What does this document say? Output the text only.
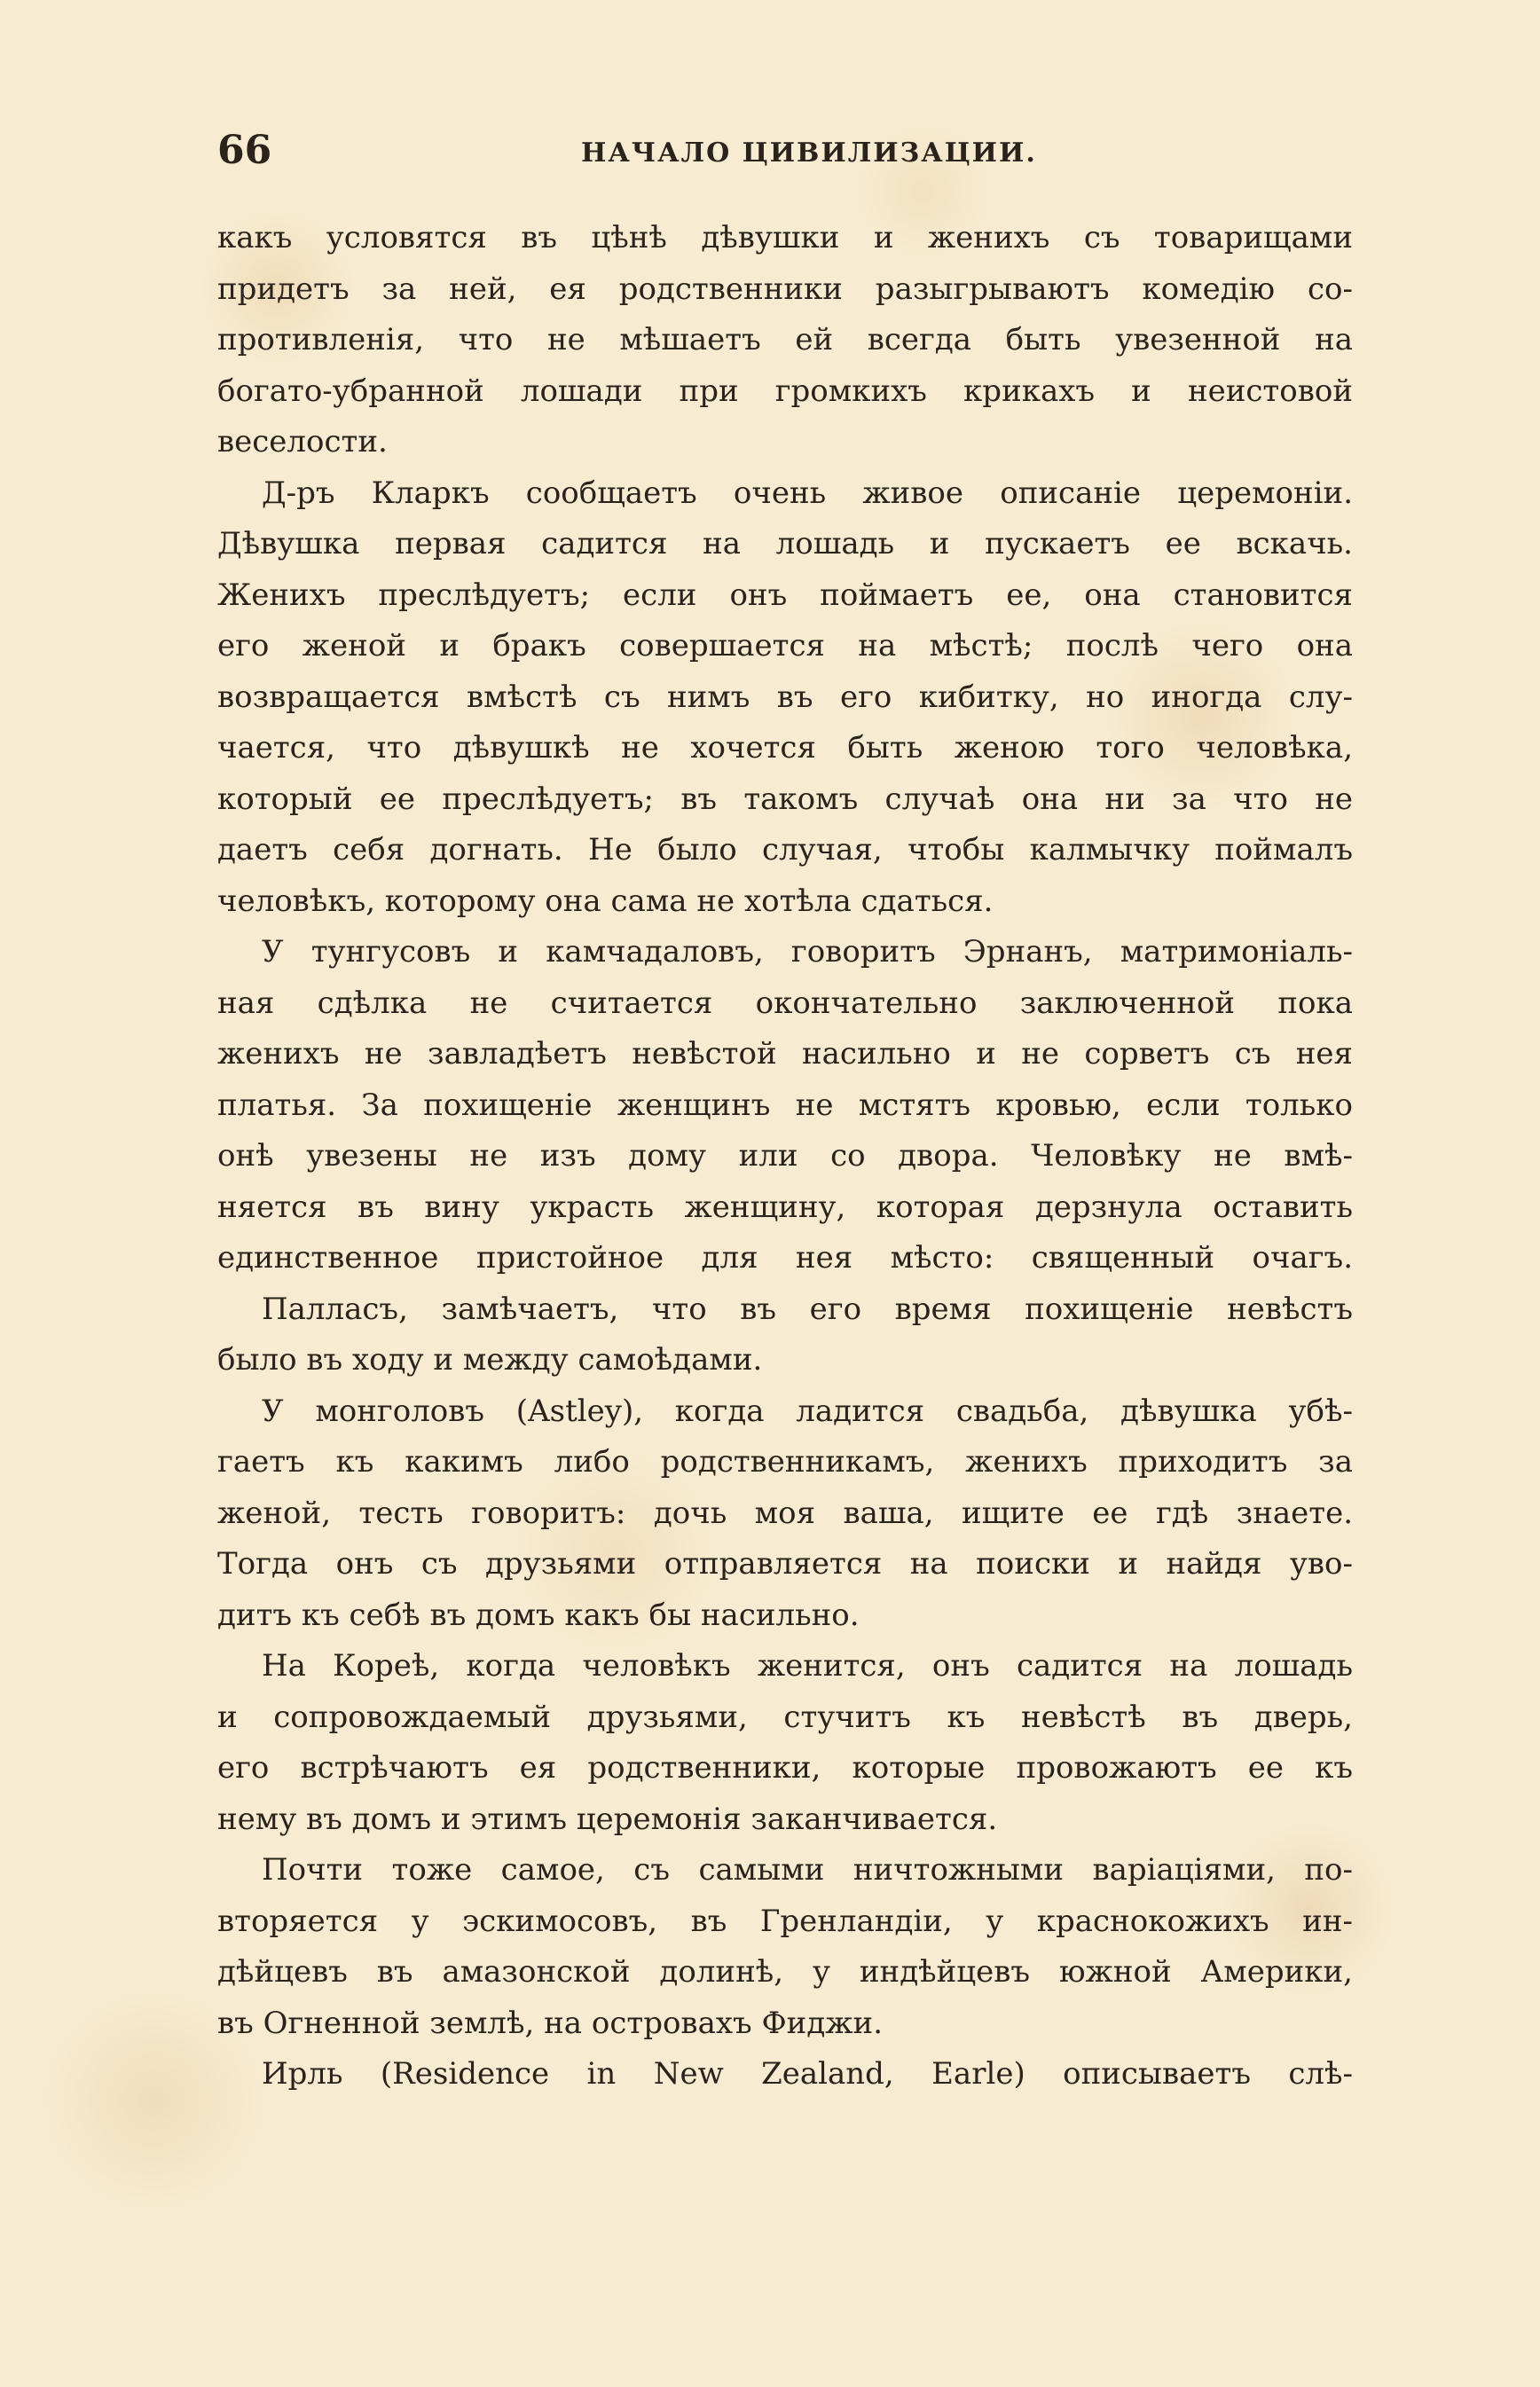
66	НАЧАЛО ЦИВИЛИЗАЦИИ.
какъ условятся въ цѣнѣ дѣвушки и женихъ съ товарищами
придетъ за ней, ея родственники разыгрываютъ комедію со-
противленія, что не мѣшаетъ ей всегда быть увезенной на
богато-убранной лошади при громкихъ крикахъ и неистовой
веселости.
Д-ръ Кларкъ сообщаетъ очень живое описаніе церемоніи.
Дѣвушка первая садится на лошадь и пускаетъ ее вскачь.
Женихъ преслѣдуетъ; если онъ поймаетъ ее, она становится
его женой и бракъ совершается на мѣстѣ; послѣ чего она
возвращается вмѣстѣ съ нимъ въ его кибитку, но иногда слу-
чается, что дѣвушкѣ не хочется быть женою того человѣка,
который ее преслѣдуетъ; въ такомъ случаѣ она ни за что не
даетъ себя догнать. Не было случая, чтобы калмычку поймалъ
человѣкъ, которому она сама не хотѣла сдаться.
У тунгусовъ и камчадаловъ, говоритъ Эрнанъ, матримоніаль-
ная сдѣлка не считается окончательно заключенной пока
женихъ не завладѣетъ невѣстой насильно и не сорветъ съ нея
платья. За похищеніе женщинъ не мстятъ кровью, если только
онѣ увезены не изъ дому или со двора. Человѣку не вмѣ-
няется въ вину украсть женщину, которая дерзнула оставить
единственное пристойное для нея мѣсто: священный очагъ.
Палласъ, замѣчаетъ, что въ его время похищеніе невѣстъ
было въ ходу и между самоѣдами.
У монголовъ (Astley), когда ладится свадьба, дѣвушка убѣ-
гаетъ къ какимъ либо родственникамъ, женихъ приходитъ за
женой, тесть говоритъ: дочь моя ваша, ищите ее гдѣ знаете.
Тогда онъ съ друзьями отправляется на поиски и найдя уво-
дитъ къ себѣ въ домъ какъ бы насильно.
На Кореѣ, когда человѣкъ женится, онъ садится на лошадь
и сопровождаемый друзьями, стучитъ къ невѣстѣ въ дверь,
его встрѣчаютъ ея родственники, которые провожаютъ ее къ
нему въ домъ и этимъ церемонія заканчивается.
Почти тоже самое, съ самыми ничтожными варіаціями, по-
вторяется у эскимосовъ, въ Гренландіи, у краснокожихъ ин-
дѣйцевъ въ амазонской долинѣ, у индѣйцевъ южной Америки,
въ Огненной землѣ, на островахъ Фиджи.
Ирль (Residence in New Zealand, Earle) описываетъ слѣ-
